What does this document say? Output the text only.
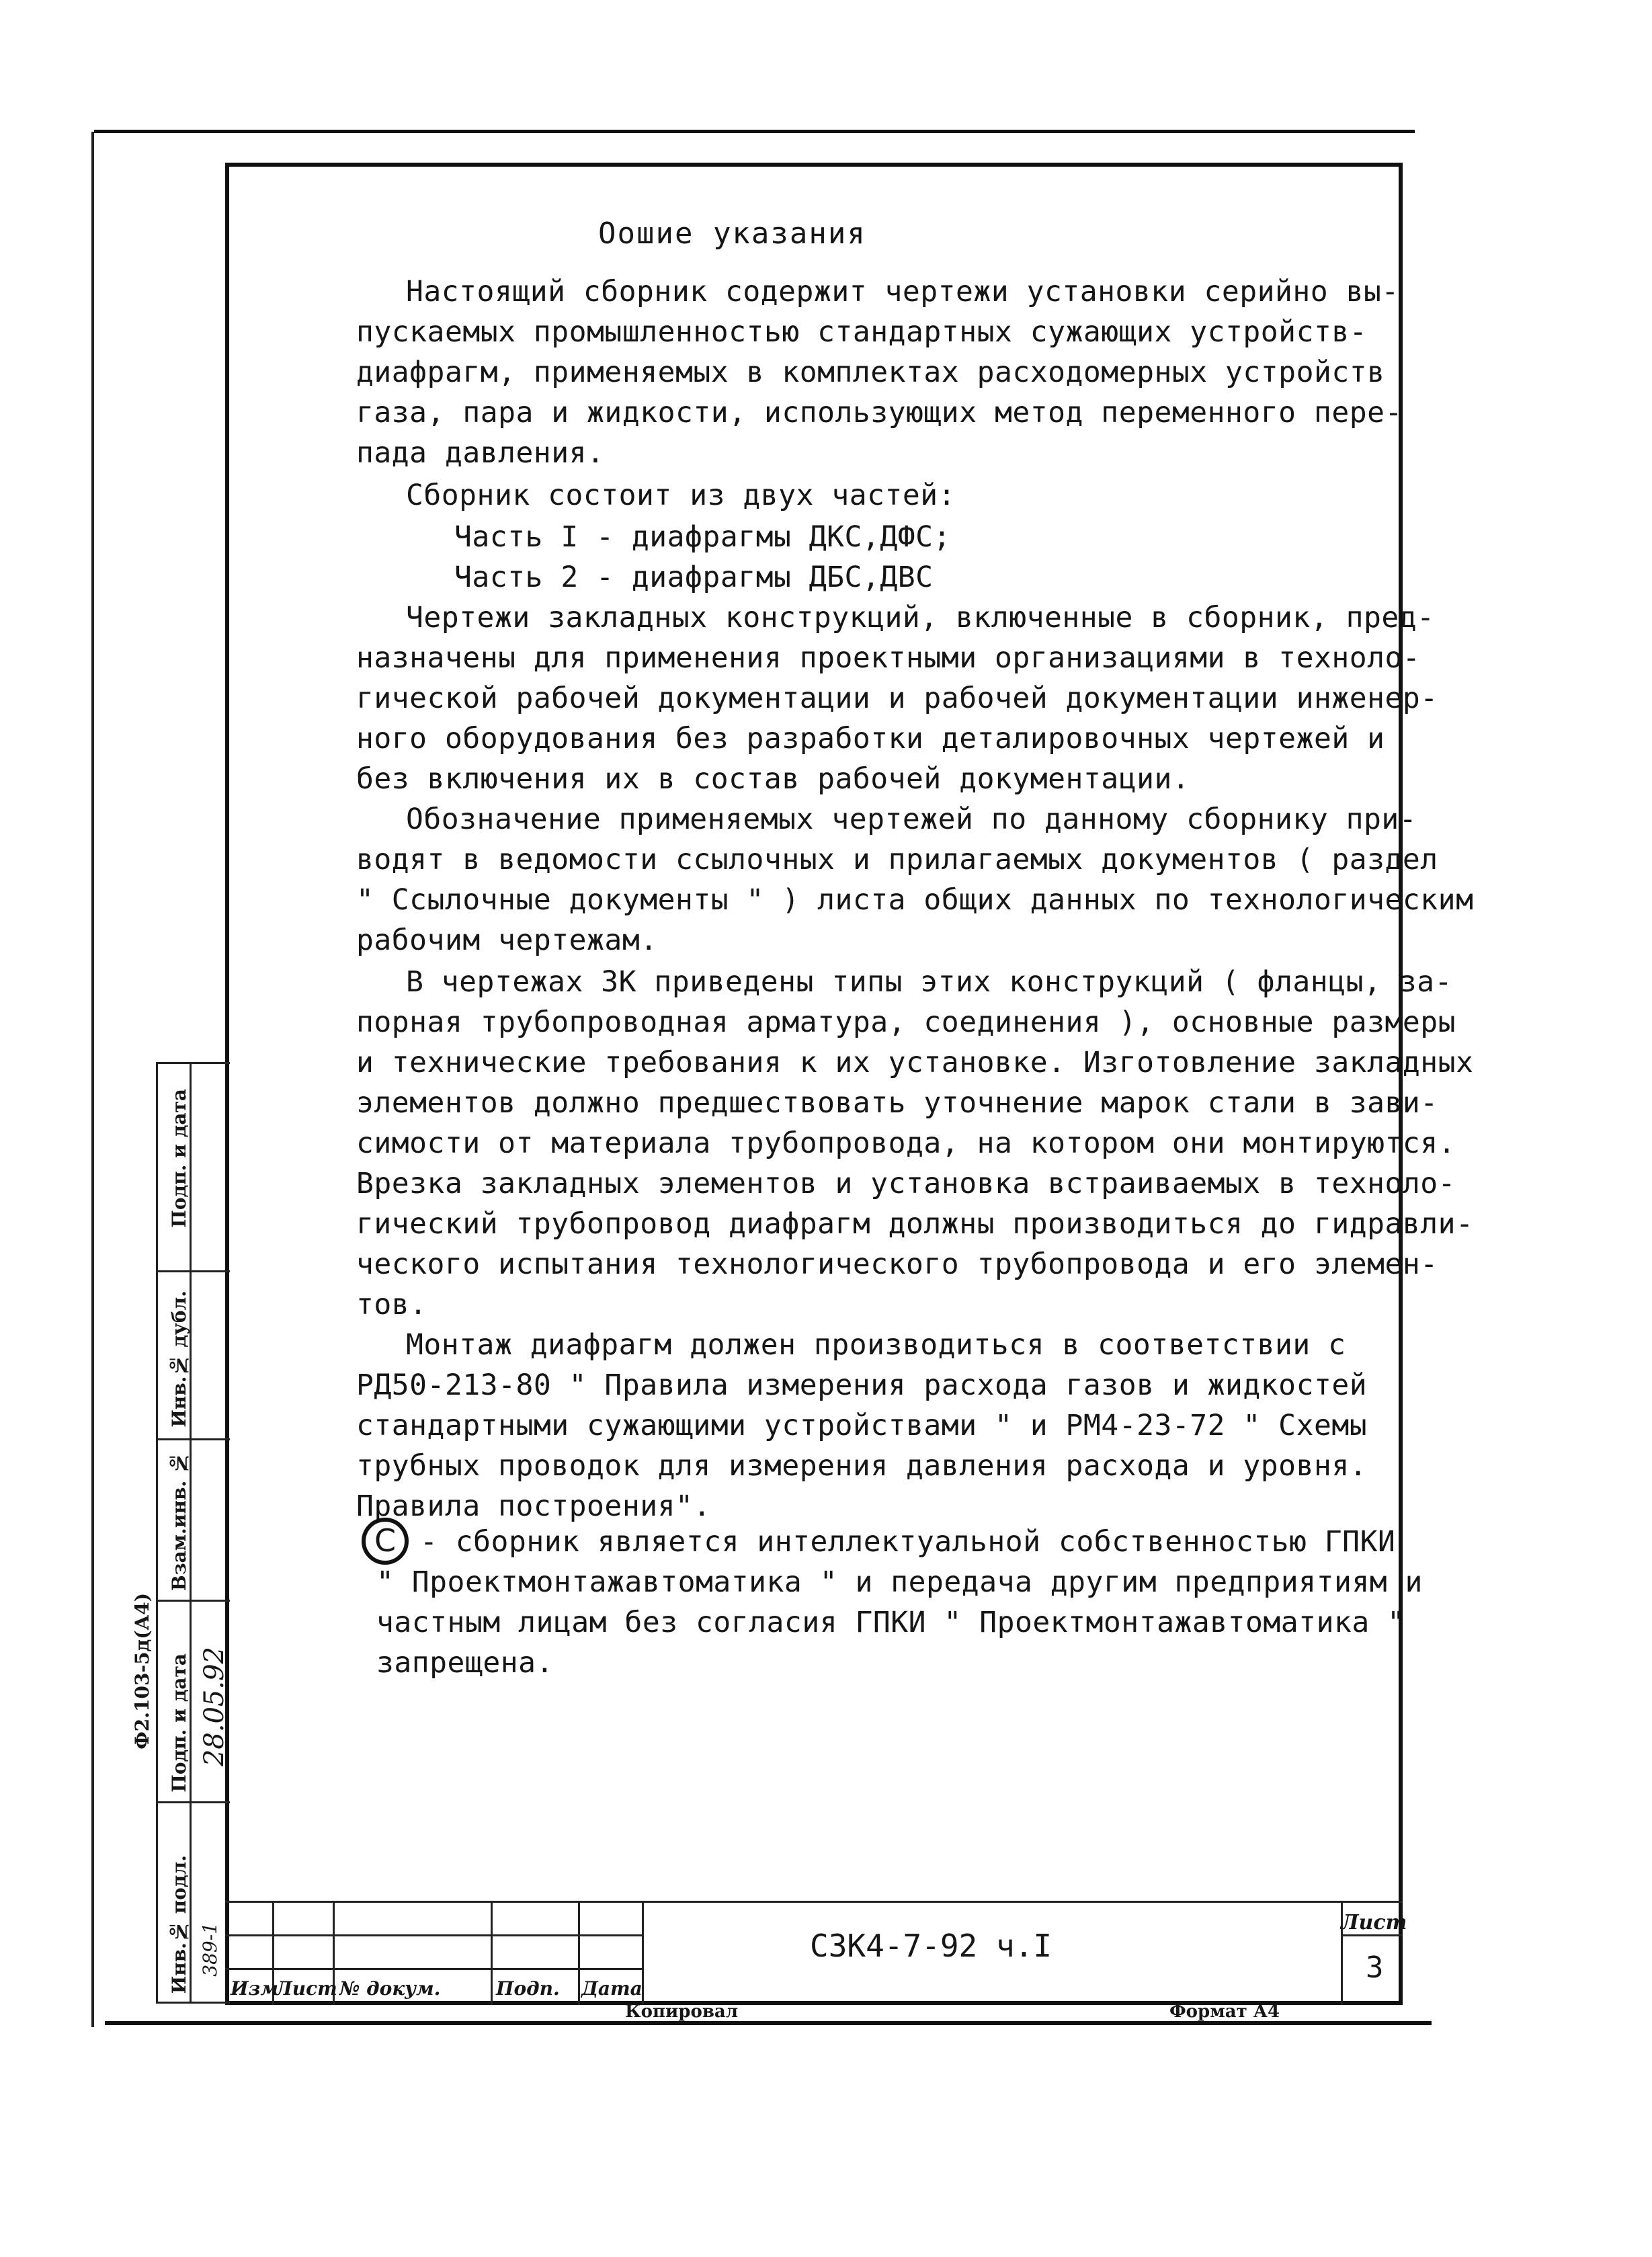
Оошие указания
Настоящий сборник содержит чертежи установки серийно вы-
пускаемых промышленностью стандартных сужающих устройств-
диафрагм, применяемых в комплектах расходомерных устройств
газа, пара и жидкости, использующих метод переменного пере-
пада давления.
Сборник состоит из двух частей:
Часть I - диафрагмы ДКС,ДФС;
Часть 2 - диафрагмы ДБС,ДВС
Чертежи закладных конструкций, включенные в сборник, пред-
назначены для применения проектными организациями в техноло-
гической рабочей документации и рабочей документации инженер-
ного оборудования без разработки деталировочных чертежей и
без включения их в состав рабочей документации.
Обозначение применяемых чертежей по данному сборнику при-
водят в ведомости ссылочных и прилагаемых документов ( раздел
" Ссылочные документы " ) листа общих данных по технологическим
рабочим чертежам.
В чертежах ЗК приведены типы этих конструкций ( фланцы, за-
порная трубопроводная арматура, соединения ), основные размеры
и технические требования к их установке. Изготовление закладных
элементов должно предшествовать уточнение марок стали в зави-
симости от материала трубопровода, на котором они монтируются.
Врезка закладных элементов и установка встраиваемых в техноло-
гический трубопровод диафрагм должны производиться до гидравли-
ческого испытания технологического трубопровода и его элемен-
тов.
Монтаж диафрагм должен производиться в соответствии с
РД50-213-80 " Правила измерения расхода газов и жидкостей
стандартными сужающими устройствами " и РМ4-23-72 " Схемы
трубных проводок для измерения давления расхода и уровня.
Правила построения".
C - сборник является интеллектуальной собственностью ГПКИ
" Проектмонтажавтоматика " и передача другим предприятиям и
частным лицам без согласия ГПКИ " Проектмонтажавтоматика "
запрещена.
Подп. и дата
Инв.№ дубл.
Взам.инв. №
Подп. и дата
Инв.№ подл.
Ф2.103-5д(А4)
389-1
28.05.92
Изм
Лист № докум.	Подп. Дата
СЗК4-7-92 ч.I
Лист
3
Копировал	Формат А4
